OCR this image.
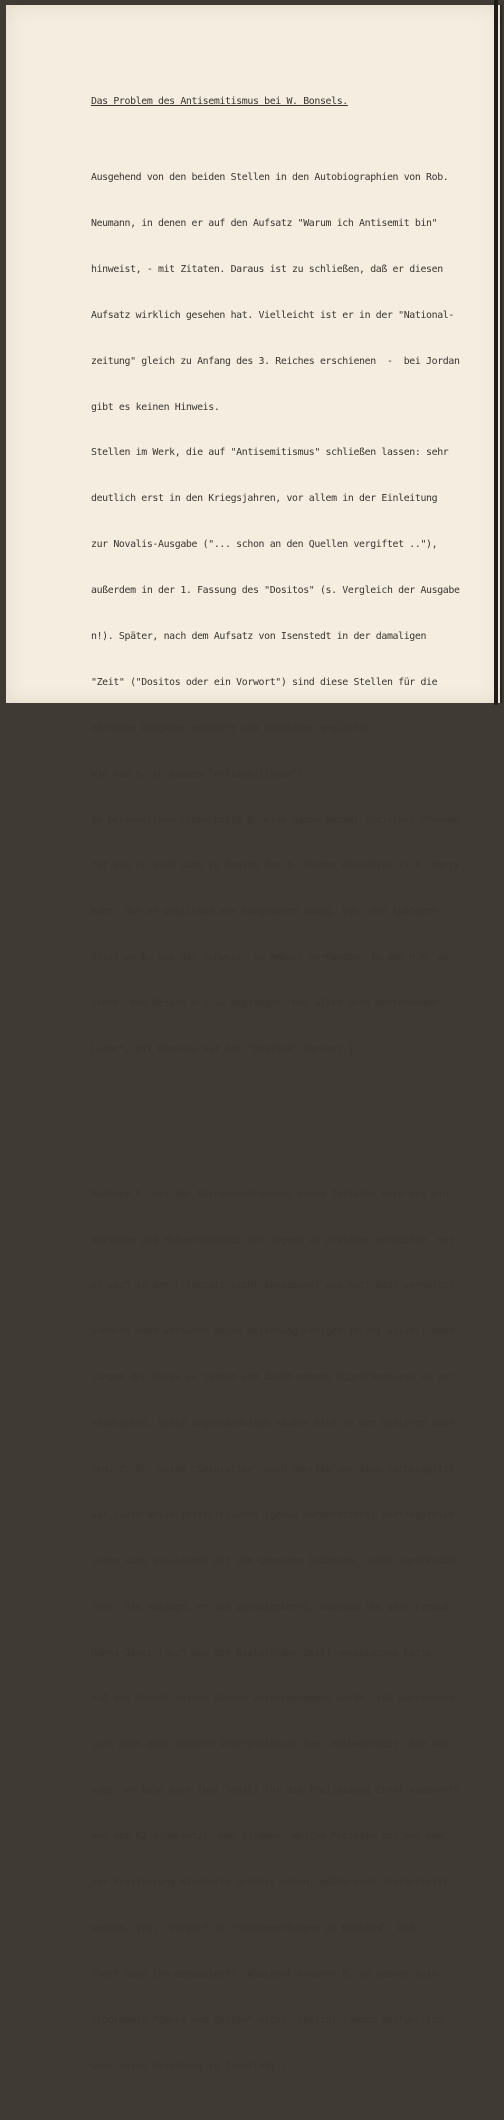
Das Problem des Antisemitismus bei W. Bonsels.

Ausgehend von den beiden Stellen in den Autobiographien von Rob.

Neumann, in denen er auf den Aufsatz "Warum ich Antisemit bin"

hinweist, - mit Zitaten. Daraus ist zu schließen, daß er diesen

Aufsatz wirklich gesehen hat. Vielleicht ist er in der "National-

zeitung" gleich zu Anfang des 3. Reiches erschienen  -  bei Jordan

gibt es keinen Hinweis.

Stellen im Werk, die auf "Antisemitismus" schließen lassen: sehr

deutlich erst in den Kriegsjahren, vor allem in der Einleitung

zur Novalis-Ausgabe ("... schon an den Quellen vergiftet .."),

außerdem in der 1. Fassung des "Dositos" (s. Vergleich der Ausgabe

n!). Später, nach dem Aufsatz von Isenstedt in der damaligen

"Zeit" ("Dositos oder ein Vorwort") sind diese Stellen für die

nächsten Ausgaben geändert und harmloser geglättet.

Wie kam B. zu diesem "Antisemitismus"?

Im persönlichen Leben hatte B. eine ganze Anzahl jüdischer Freunde,

für die er sich auch zu Beginn des 3. Reichs einsetzte (z.B. Harry

Kahn: den er gleichsam zur Emigration zwang. Vgl. den späteren

Brief an B. aus der Schweiz, in Ambach vorhanden, in dem H.K. ab-

lehnt, den Besuch B.s zu empfangen "bei aller noch bestehenden

Liebe", mit Hinweis auf das "Dositos"-Vorwort.)

Nachdem B. bei der Bücherverbrennung diese Tatsache noch als ein

Versehen und Mißverständnis der Jugend zu erklären versuchte, hat

er sich in der Folgezeit nicht konsequent als Anti-Nazi verhalten,

sondern eher versucht seine Ablehnung einiger (nicht aller!) Hand-

lungen der Nazis zu tarnen und durch manche Zugeständnisse zu ver-

heimlichen. Diese Zugeständnisse häufen sich in den späteren Jahr-

ren. Z. B.: seine "Emigration" nach Amerika war eine nachträglich

auf diese Weise interpretierte (genau vorbereitete) Vortragsreise

(wenn auch vielleicht mit dem geheimen Gedanken, nicht zurückzukeh

ren). Die Aussage, er sei zurückgekehrt, nachdem ihm sein Freund

Hanns Johst (noch aus der Bielefelder Zeit) versprochen hatte,

daß das Verbot seiner Bücher zurückgenommen werde, ist wahrschein-

lich auch eine spätere Interpretation bzw. Halbwahrheit. Die Aus-

sage, er habe sich (bei Johst) für die Freilassung Ernst Wiecherts

aus dem KZ eingesetzt, mag stimmen. Welche Proteste und von wem

zur Freilassung Wiecherts geführt haben, müßte noch festgestellt

werden. (Vgl. Vorwurf in "Randbemerkungen zu Dositos": Wie-

chert habe ihn denunziert). Wiechert erwähnt B. in seiner Auto-

biographie "Jahre und Zeiten" nicht, spricht jedoch ausführlich

über seine Beziehung zu Isenstedt.)
